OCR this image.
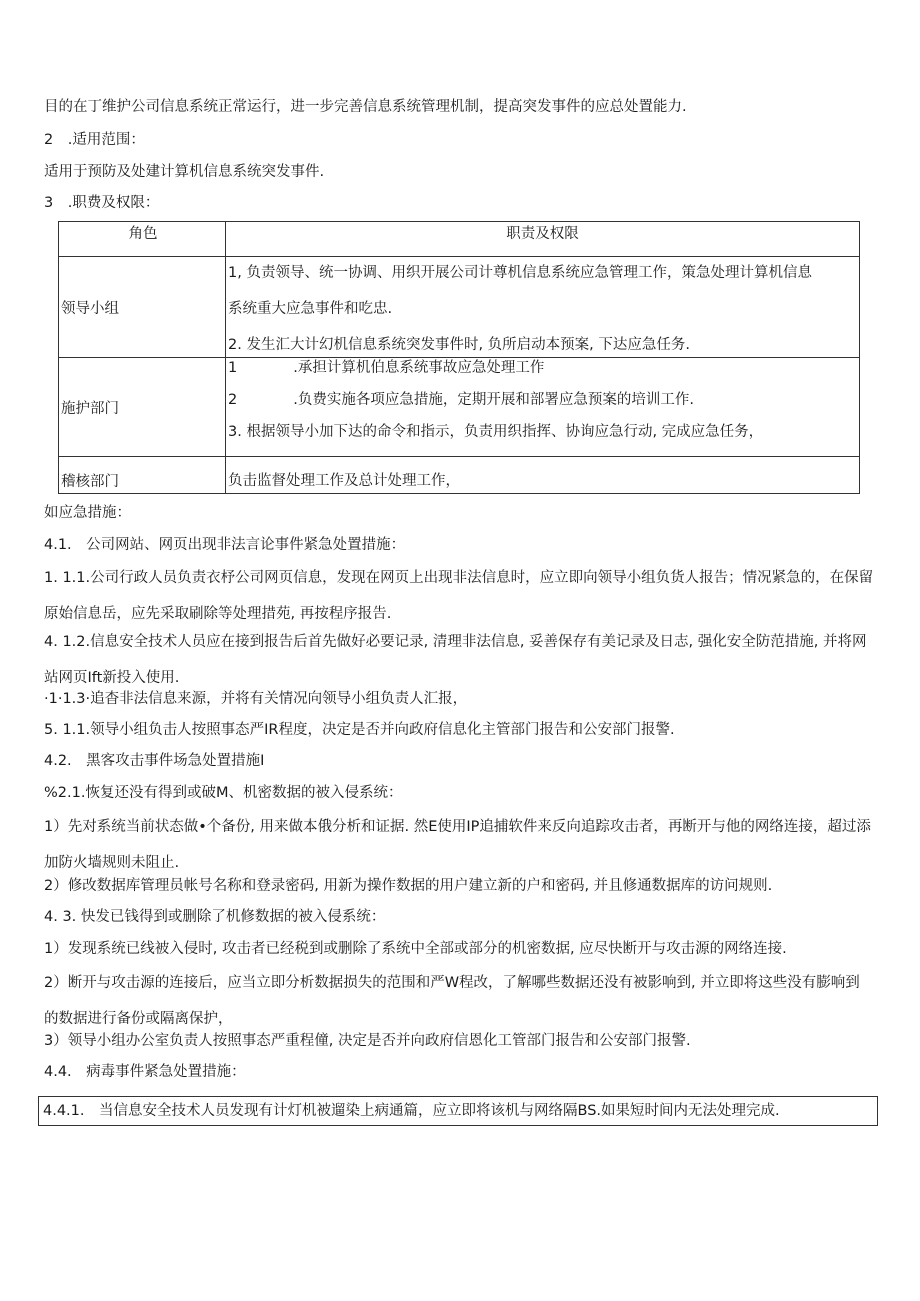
目的在丁维护公司信息系统正常运行，进一步完善信息系统管理机制，提高突发事件的应总处置能力.
2　.适用范围：
适用于预防及处建计算机信息系统突发事件.
3　.职费及权限：
角色	职责及权限
领导小组	1, 负责领导、统一协调、用织开展公司计尊机信息系统应急管理工作，策急处理计算机信息
系统重大应急事件和吃忠.
2. 发生汇大计幻机信息系统突发事件时, 负所启动本预案, 下达应急任务.

施护部门	1 .承担计算机伯息系统事故应急处理工作
2 .负费实施各项应急措施，定期开展和部署应急预案的培训工作.
3. 根据领导小加下达的命令和指示，负责用织指挥、协询应急行动, 完成应急任务，

稽核部门	负击监督处理工作及总计处理工作，
如应急措施：
4.1.　公司网站、网页出现非法言论事件紧急处置措施：
1. 1.1.公司行政人员负责衣杼公司网页信息，发现在网页上出现非法信息时，应立即向领导小组负货人报告；情况紧急的，在保留原始信息岳，应先采取刷除等处理措苑, 再按程序报告.
4. 1.2.信息安全技术人员应在接到报告后首先做好必要记录, 清理非法信息, 妥善保存有美记录及日志, 强化安全防范措施, 并将网站网页Ift新投入使用.
·1·1.3·追杳非法信息来源，并将有关情况向领导小组负责人汇报，
5. 1.1.领导小组负击人按照事态严IR程度，决定是否并向政府信息化主管部门报告和公安部门报警.
4.2.　黑客攻击事件场急处置措施I
%2.1.恢复还没有得到或破M、机密数据的被入侵系统：
1）先对系统当前状态做•个备份, 用来做本俄分析和证据. 然E使用IP追捕软件来反向追踪攻击者，再断开与他的网络连接，超过添加防火墙规则未阻止.
2）修改数据库管理员帐号名称和登录密码, 用新为操作数据的用户建立新的户和密码, 并且修通数据库的访问规则.
4. 3. 快发已钱得到或删除了机修数据的被入侵系统：
1）发现系统已线被入侵时, 攻击者已经税到或删除了系统中全部或部分的机密数据, 应尽快断开与攻击源的网络连接.
2）断开与攻击源的连接后，应当立即分析数据损失的范围和严W程改，了解哪些数据还没有被影响到, 并立即将这些没有膨响到的数据进行备份或隔离保护，
3）领导小组办公室负责人按照事态严重程僮, 决定是否并向政府信恩化工管部门报告和公安部门报警.
4.4.　病毒事件紧急处置措施：
4.4.1.　当信息安全技术人员发现有计灯机被遛染上病通篇，应立即将该机与网络隔BS.如果短时间内无法处理完成.
